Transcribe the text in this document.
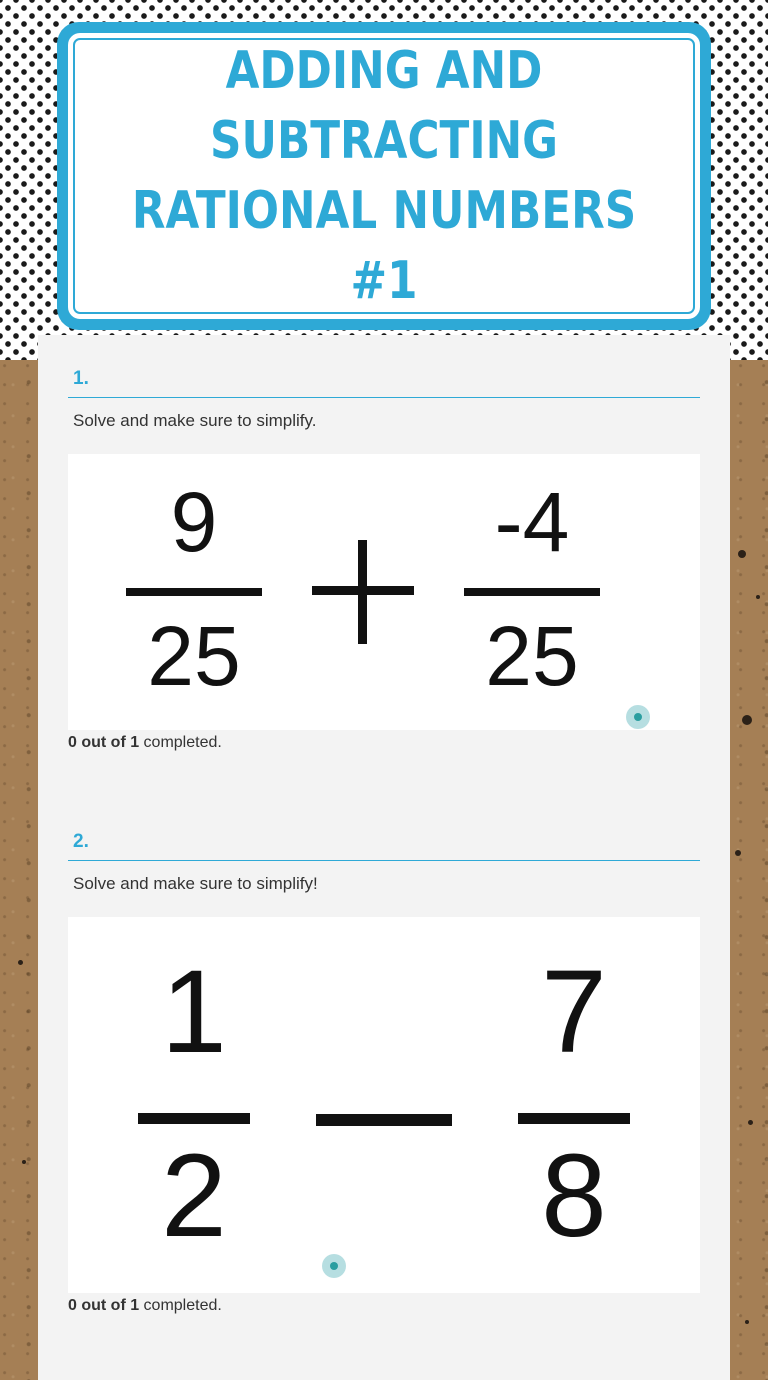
ADDING AND SUBTRACTING RATIONAL NUMBERS #1
1.
Solve and make sure to simplify.
9
25
-4
25
0 out of 1 completed.
2.
Solve and make sure to simplify!
1
2
7
8
0 out of 1 completed.
